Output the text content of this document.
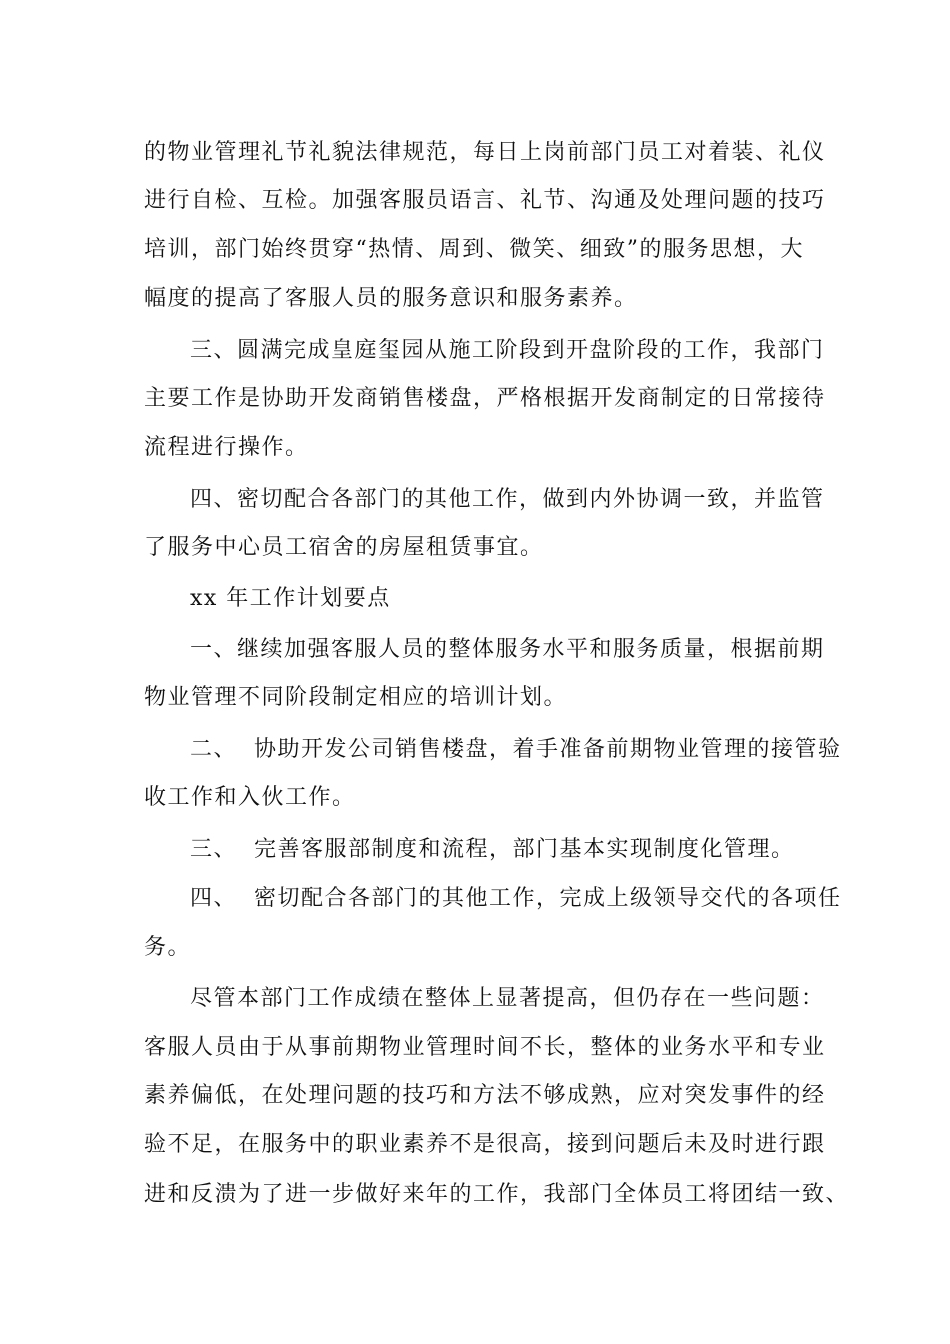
的物业管理礼节礼貌法律规范，每日上岗前部门员工对着装、礼仪

进行自检、互检。加强客服员语言、礼节、沟通及处理问题的技巧

培训，部门始终贯穿“热情、周到、微笑、细致”的服务思想，大

幅度的提高了客服人员的服务意识和服务素养。

三、圆满完成皇庭玺园从施工阶段到开盘阶段的工作，我部门

主要工作是协助开发商销售楼盘，严格根据开发商制定的日常接待

流程进行操作。

四、密切配合各部门的其他工作，做到内外协调一致，并监管

了服务中心员工宿舍的房屋租赁事宜。

xx 年工作计划要点

一、继续加强客服人员的整体服务水平和服务质量，根据前期

物业管理不同阶段制定相应的培训计划。

二、  协助开发公司销售楼盘，着手准备前期物业管理的接管验

收工作和入伙工作。

三、  完善客服部制度和流程，部门基本实现制度化管理。

四、  密切配合各部门的其他工作，完成上级领导交代的各项任

务。

尽管本部门工作成绩在整体上显著提高，但仍存在一些问题：

客服人员由于从事前期物业管理时间不长，整体的业务水平和专业

素养偏低，在处理问题的技巧和方法不够成熟，应对突发事件的经

验不足，在服务中的职业素养不是很高，接到问题后未及时进行跟

进和反溃为了进一步做好来年的工作，我部门全体员工将团结一致、
